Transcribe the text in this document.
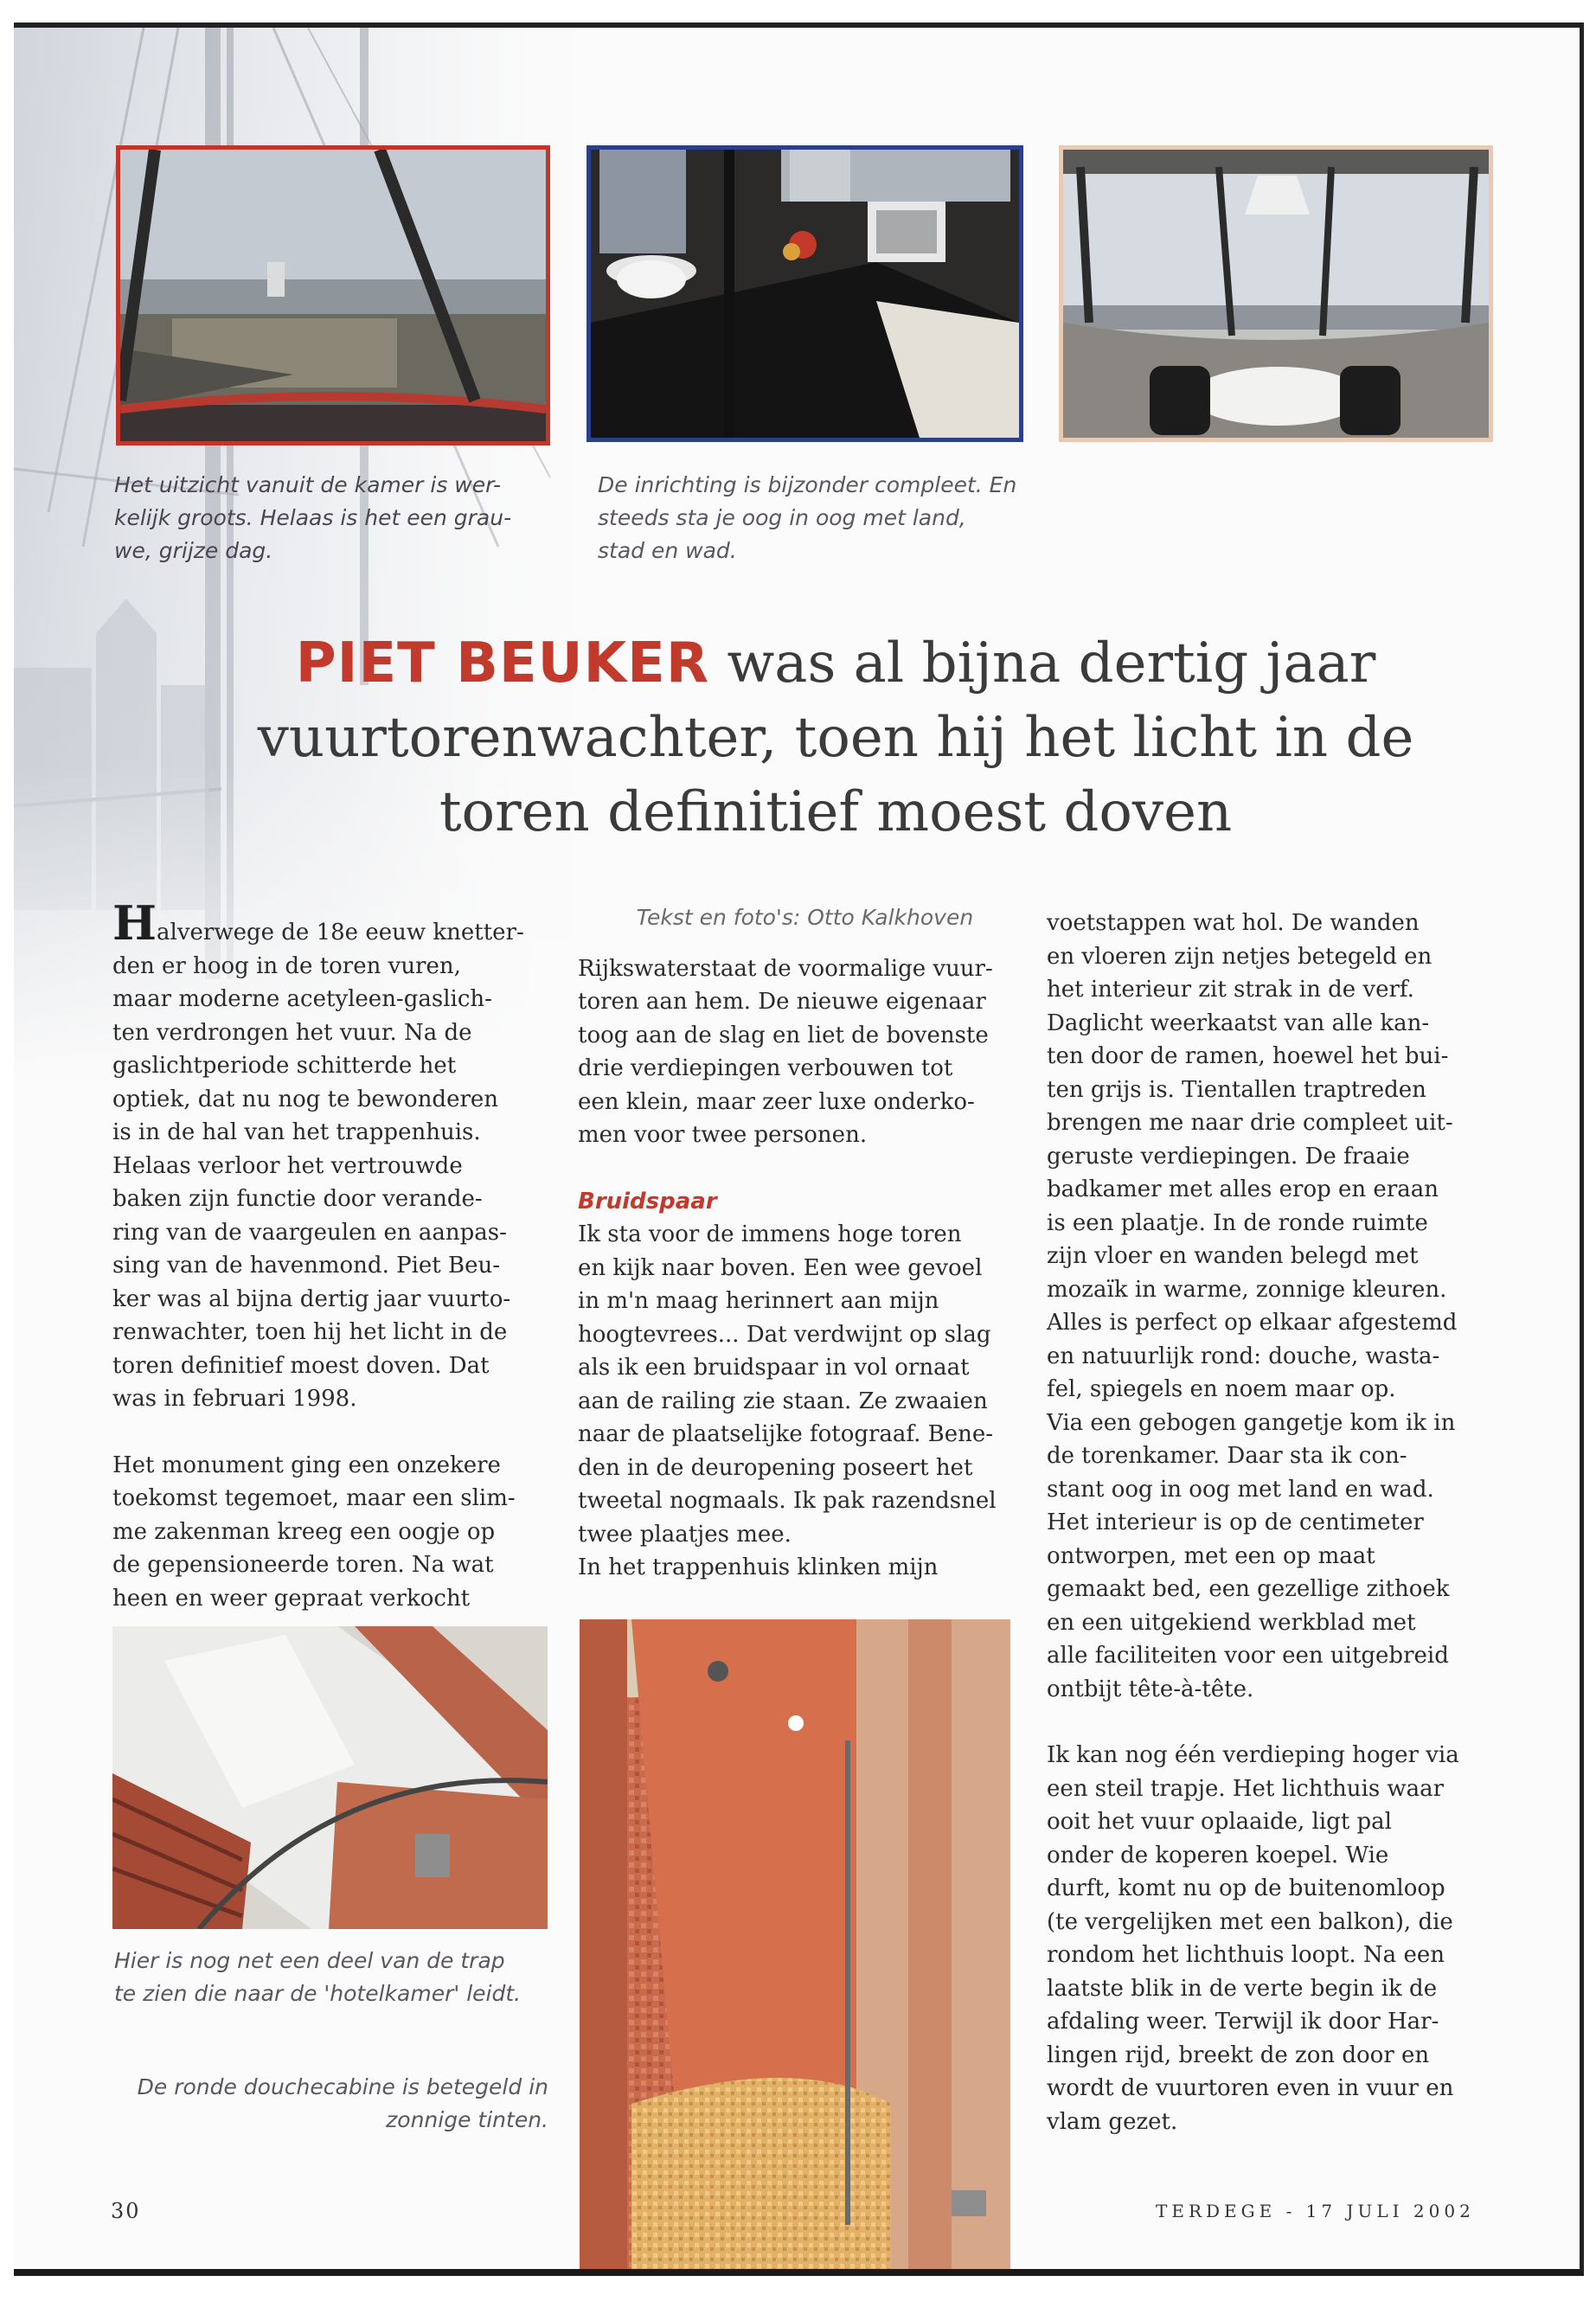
Het uitzicht vanuit de kamer is wer-
kelijk groots. Helaas is het een grau-
we, grijze dag.
De inrichting is bijzonder compleet. En
steeds sta je oog in oog met land,
stad en wad.
PIET BEUKER was al bijna dertig jaar
vuurtorenwachter, toen hij het licht in de
toren definitief moest doven

Halverwege de 18e eeuw knetter-

den er hoog in de toren vuren,

maar moderne acetyleen-gaslich-

ten verdrongen het vuur. Na de

gaslichtperiode schitterde het

optiek, dat nu nog te bewonderen

is in de hal van het trappenhuis.

Helaas verloor het vertrouwde

baken zijn functie door verande-

ring van de vaargeulen en aanpas-

sing van de havenmond. Piet Beu-

ker was al bijna dertig jaar vuurto-

renwachter, toen hij het licht in de

toren definitief moest doven. Dat

was in februari 1998.

Het monument ging een onzekere

toekomst tegemoet, maar een slim-

me zakenman kreeg een oogje op

de gepensioneerde toren. Na wat

heen en weer gepraat verkocht

Hier is nog net een deel van de trap
te zien die naar de 'hotelkamer' leidt.
De ronde douchecabine is betegeld in
zonnige tinten.
Tekst en foto's: Otto Kalkhoven

Rijkswaterstaat de voormalige vuur-

toren aan hem. De nieuwe eigenaar

toog aan de slag en liet de bovenste

drie verdiepingen verbouwen tot

een klein, maar zeer luxe onderko-

men voor twee personen.

Bruidspaar

Ik sta voor de immens hoge toren

en kijk naar boven. Een wee gevoel

in m'n maag herinnert aan mijn

hoogtevrees... Dat verdwijnt op slag

als ik een bruidspaar in vol ornaat

aan de railing zie staan. Ze zwaaien

naar de plaatselijke fotograaf. Bene-

den in de deuropening poseert het

tweetal nogmaals. Ik pak razendsnel

twee plaatjes mee.

In het trappenhuis klinken mijn

voetstappen wat hol. De wanden

en vloeren zijn netjes betegeld en

het interieur zit strak in de verf.

Daglicht weerkaatst van alle kan-

ten door de ramen, hoewel het bui-

ten grijs is. Tientallen traptreden

brengen me naar drie compleet uit-

geruste verdiepingen. De fraaie

badkamer met alles erop en eraan

is een plaatje. In de ronde ruimte

zijn vloer en wanden belegd met

mozaïk in warme, zonnige kleuren.

Alles is perfect op elkaar afgestemd

en natuurlijk rond: douche, wasta-

fel, spiegels en noem maar op.

Via een gebogen gangetje kom ik in

de torenkamer. Daar sta ik con-

stant oog in oog met land en wad.

Het interieur is op de centimeter

ontworpen, met een op maat

gemaakt bed, een gezellige zithoek

en een uitgekiend werkblad met

alle faciliteiten voor een uitgebreid

ontbijt tête-à-tête.

Ik kan nog één verdieping hoger via

een steil trapje. Het lichthuis waar

ooit het vuur oplaaide, ligt pal

onder de koperen koepel. Wie

durft, komt nu op de buitenomloop

(te vergelijken met een balkon), die

rondom het lichthuis loopt. Na een

laatste blik in de verte begin ik de

afdaling weer. Terwijl ik door Har-

lingen rijd, breekt de zon door en

wordt de vuurtoren even in vuur en

vlam gezet.

30	TERDEGE - 17 JULI 2002
